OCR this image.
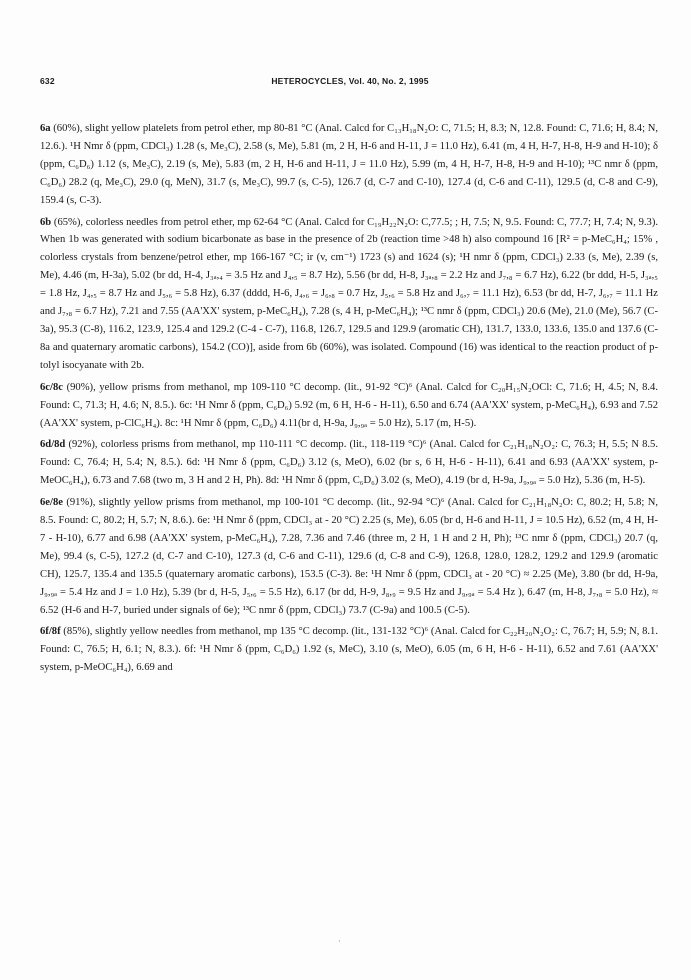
632	HETEROCYCLES, Vol. 40, No. 2, 1995

6a (60%), slight yellow platelets from petrol ether, mp 80-81 °C (Anal. Calcd for C₁₃H₁₈N₂O: C, 71.5; H, 8.3; N, 12.8. Found: C, 71.6; H, 8.4; N, 12.6.). ¹H Nmr δ (ppm, CDCl₃) 1.28 (s, Me₃C), 2.58 (s, Me), 5.81 (m, 2 H, H-6 and H-11, J = 11.0 Hz), 6.41 (m, 4 H, H-7, H-8, H-9 and H-10); δ (ppm, C₆D₆) 1.12 (s, Me₃C), 2.19 (s, Me), 5.83 (m, 2 H, H-6 and H-11, J = 11.0 Hz), 5.99 (m, 4 H, H-7, H-8, H-9 and H-10); ¹³C nmr δ (ppm, C₆D₆) 28.2 (q, Me₃C), 29.0 (q, MeN), 31.7 (s, Me₃C), 99.7 (s, C-5), 126.7 (d, C-7 and C-10), 127.4 (d, C-6 and C-11), 129.5 (d, C-8 and C-9), 159.4 (s, C-3).

6b (65%), colorless needles from petrol ether, mp 62-64 °C (Anal. Calcd for C₁₉H₂₂N₂O: C,77.5; ; H, 7.5; N, 9.5. Found: C, 77.7; H, 7.4; N, 9.3). When 1b was generated with sodium bicarbonate as base in the presence of 2b (reaction time >48 h) also compound 16 [R² = p-MeC₆H₄; 15% , colorless crystals from benzene/petrol ether, mp 166-167 °C; ir (v, cm⁻¹) 1723 (s) and 1624 (s); ¹H nmr δ (ppm, CDCl₃) 2.33 (s, Me), 2.39 (s, Me), 4.46 (m, H-3a), 5.02 (br dd, H-4, J₃ₐ,₄ = 3.5 Hz and J₄,₅ = 8.7 Hz), 5.56 (br dd, H-8, J₃ₐ,₈ = 2.2 Hz and J₇,₈ = 6.7 Hz), 6.22 (br ddd, H-5, J₃ₐ,₅ = 1.8 Hz, J₄,₅ = 8.7 Hz and J₅,₆ = 5.8 Hz), 6.37 (dddd, H-6, J₄,₆ = J₆,₈ = 0.7 Hz, J₅,₆ = 5.8 Hz and J₆,₇ = 11.1 Hz), 6.53 (br dd, H-7, J₆,₇ = 11.1 Hz and J₇,₈ = 6.7 Hz), 7.21 and 7.55 (AA'XX' system, p-MeC₆H₄), 7.28 (s, 4 H, p-MeC₆H₄); ¹³C nmr δ (ppm, CDCl₃) 20.6 (Me), 21.0 (Me), 56.7 (C-3a), 95.3 (C-8), 116.2, 123.9, 125.4 and 129.2 (C-4 - C-7), 116.8, 126.7, 129.5 and 129.9 (aromatic CH), 131.7, 133.0, 133.6, 135.0 and 137.6 (C-8a and quaternary aromatic carbons), 154.2 (CO)], aside from 6b (60%), was isolated. Compound (16) was identical to the reaction product of p-tolyl isocyanate with 2b.

6c/8c (90%), yellow prisms from methanol, mp 109-110 °C decomp. (lit., 91-92 °C)⁶ (Anal. Calcd for C₂₀H₁₅N₂OCl: C, 71.6; H, 4.5; N, 8.4. Found: C, 71.3; H, 4.6; N, 8.5.). 6c: ¹H Nmr δ (ppm, C₆D₆) 5.92 (m, 6 H, H-6 - H-11), 6.50 and 6.74 (AA'XX' system, p-MeC₆H₄), 6.93 and 7.52 (AA'XX' system, p-ClC₆H₄). 8c: ¹H Nmr δ (ppm, C₆D₆) 4.11(br d, H-9a, J₉,₉ₐ = 5.0 Hz), 5.17 (m, H-5).

6d/8d (92%), colorless prisms from methanol, mp 110-111 °C decomp. (lit., 118-119 °C)⁶ (Anal. Calcd for C₂₁H₁₈N₂O₂: C, 76.3; H, 5.5; N 8.5. Found: C, 76.4; H, 5.4; N, 8.5.). 6d: ¹H Nmr δ (ppm, C₆D₆) 3.12 (s, MeO), 6.02 (br s, 6 H, H-6 - H-11), 6.41 and 6.93 (AA'XX' system, p-MeOC₆H₄), 6.73 and 7.68 (two m, 3 H and 2 H, Ph). 8d: ¹H Nmr δ (ppm, C₆D₆) 3.02 (s, MeO), 4.19 (br d, H-9a, J₉,₉ₐ = 5.0 Hz), 5.36 (m, H-5).

6e/8e (91%), slightly yellow prisms from methanol, mp 100-101 °C decomp. (lit., 92-94 °C)⁶ (Anal. Calcd for C₂₁H₁₈N₂O: C, 80.2; H, 5.8; N, 8.5. Found: C, 80.2; H, 5.7; N, 8.6.). 6e: ¹H Nmr δ (ppm, CDCl₃ at - 20 °C) 2.25 (s, Me), 6.05 (br d, H-6 and H-11, J = 10.5 Hz), 6.52 (m, 4 H, H-7 - H-10), 6.77 and 6.98 (AA'XX' system, p-MeC₆H₄), 7.28, 7.36 and 7.46 (three m, 2 H, 1 H and 2 H, Ph); ¹³C nmr δ (ppm, CDCl₃) 20.7 (q, Me), 99.4 (s, C-5), 127.2 (d, C-7 and C-10), 127.3 (d, C-6 and C-11), 129.6 (d, C-8 and C-9), 126.8, 128.0, 128.2, 129.2 and 129.9 (aromatic CH), 125.7, 135.4 and 135.5 (quaternary aromatic carbons), 153.5 (C-3). 8e: ¹H Nmr δ (ppm, CDCl₃ at - 20 °C) ≈ 2.25 (Me), 3.80 (br dd, H-9a, J₉,₉ₐ = 5.4 Hz and J = 1.0 Hz), 5.39 (br d, H-5, J₅,₆ = 5.5 Hz), 6.17 (br dd, H-9, J₈,₉ = 9.5 Hz and J₉,₉ₐ = 5.4 Hz ), 6.47 (m, H-8, J₇,₈ = 5.0 Hz), ≈ 6.52 (H-6 and H-7, buried under signals of 6e); ¹³C nmr δ (ppm, CDCl₃) 73.7 (C-9a) and 100.5 (C-5).

6f/8f (85%), slightly yellow needles from methanol, mp 135 °C decomp. (lit., 131-132 °C)⁶ (Anal. Calcd for C₂₂H₂₀N₂O₂: C, 76.7; H, 5.9; N, 8.1. Found: C, 76.5; H, 6.1; N, 8.3.). 6f: ¹H Nmr δ (ppm, C₆D₆) 1.92 (s, MeC), 3.10 (s, MeO), 6.05 (m, 6 H, H-6 - H-11), 6.52 and 7.61 (AA'XX' system, p-MeOC₆H₄), 6.69 and

·
